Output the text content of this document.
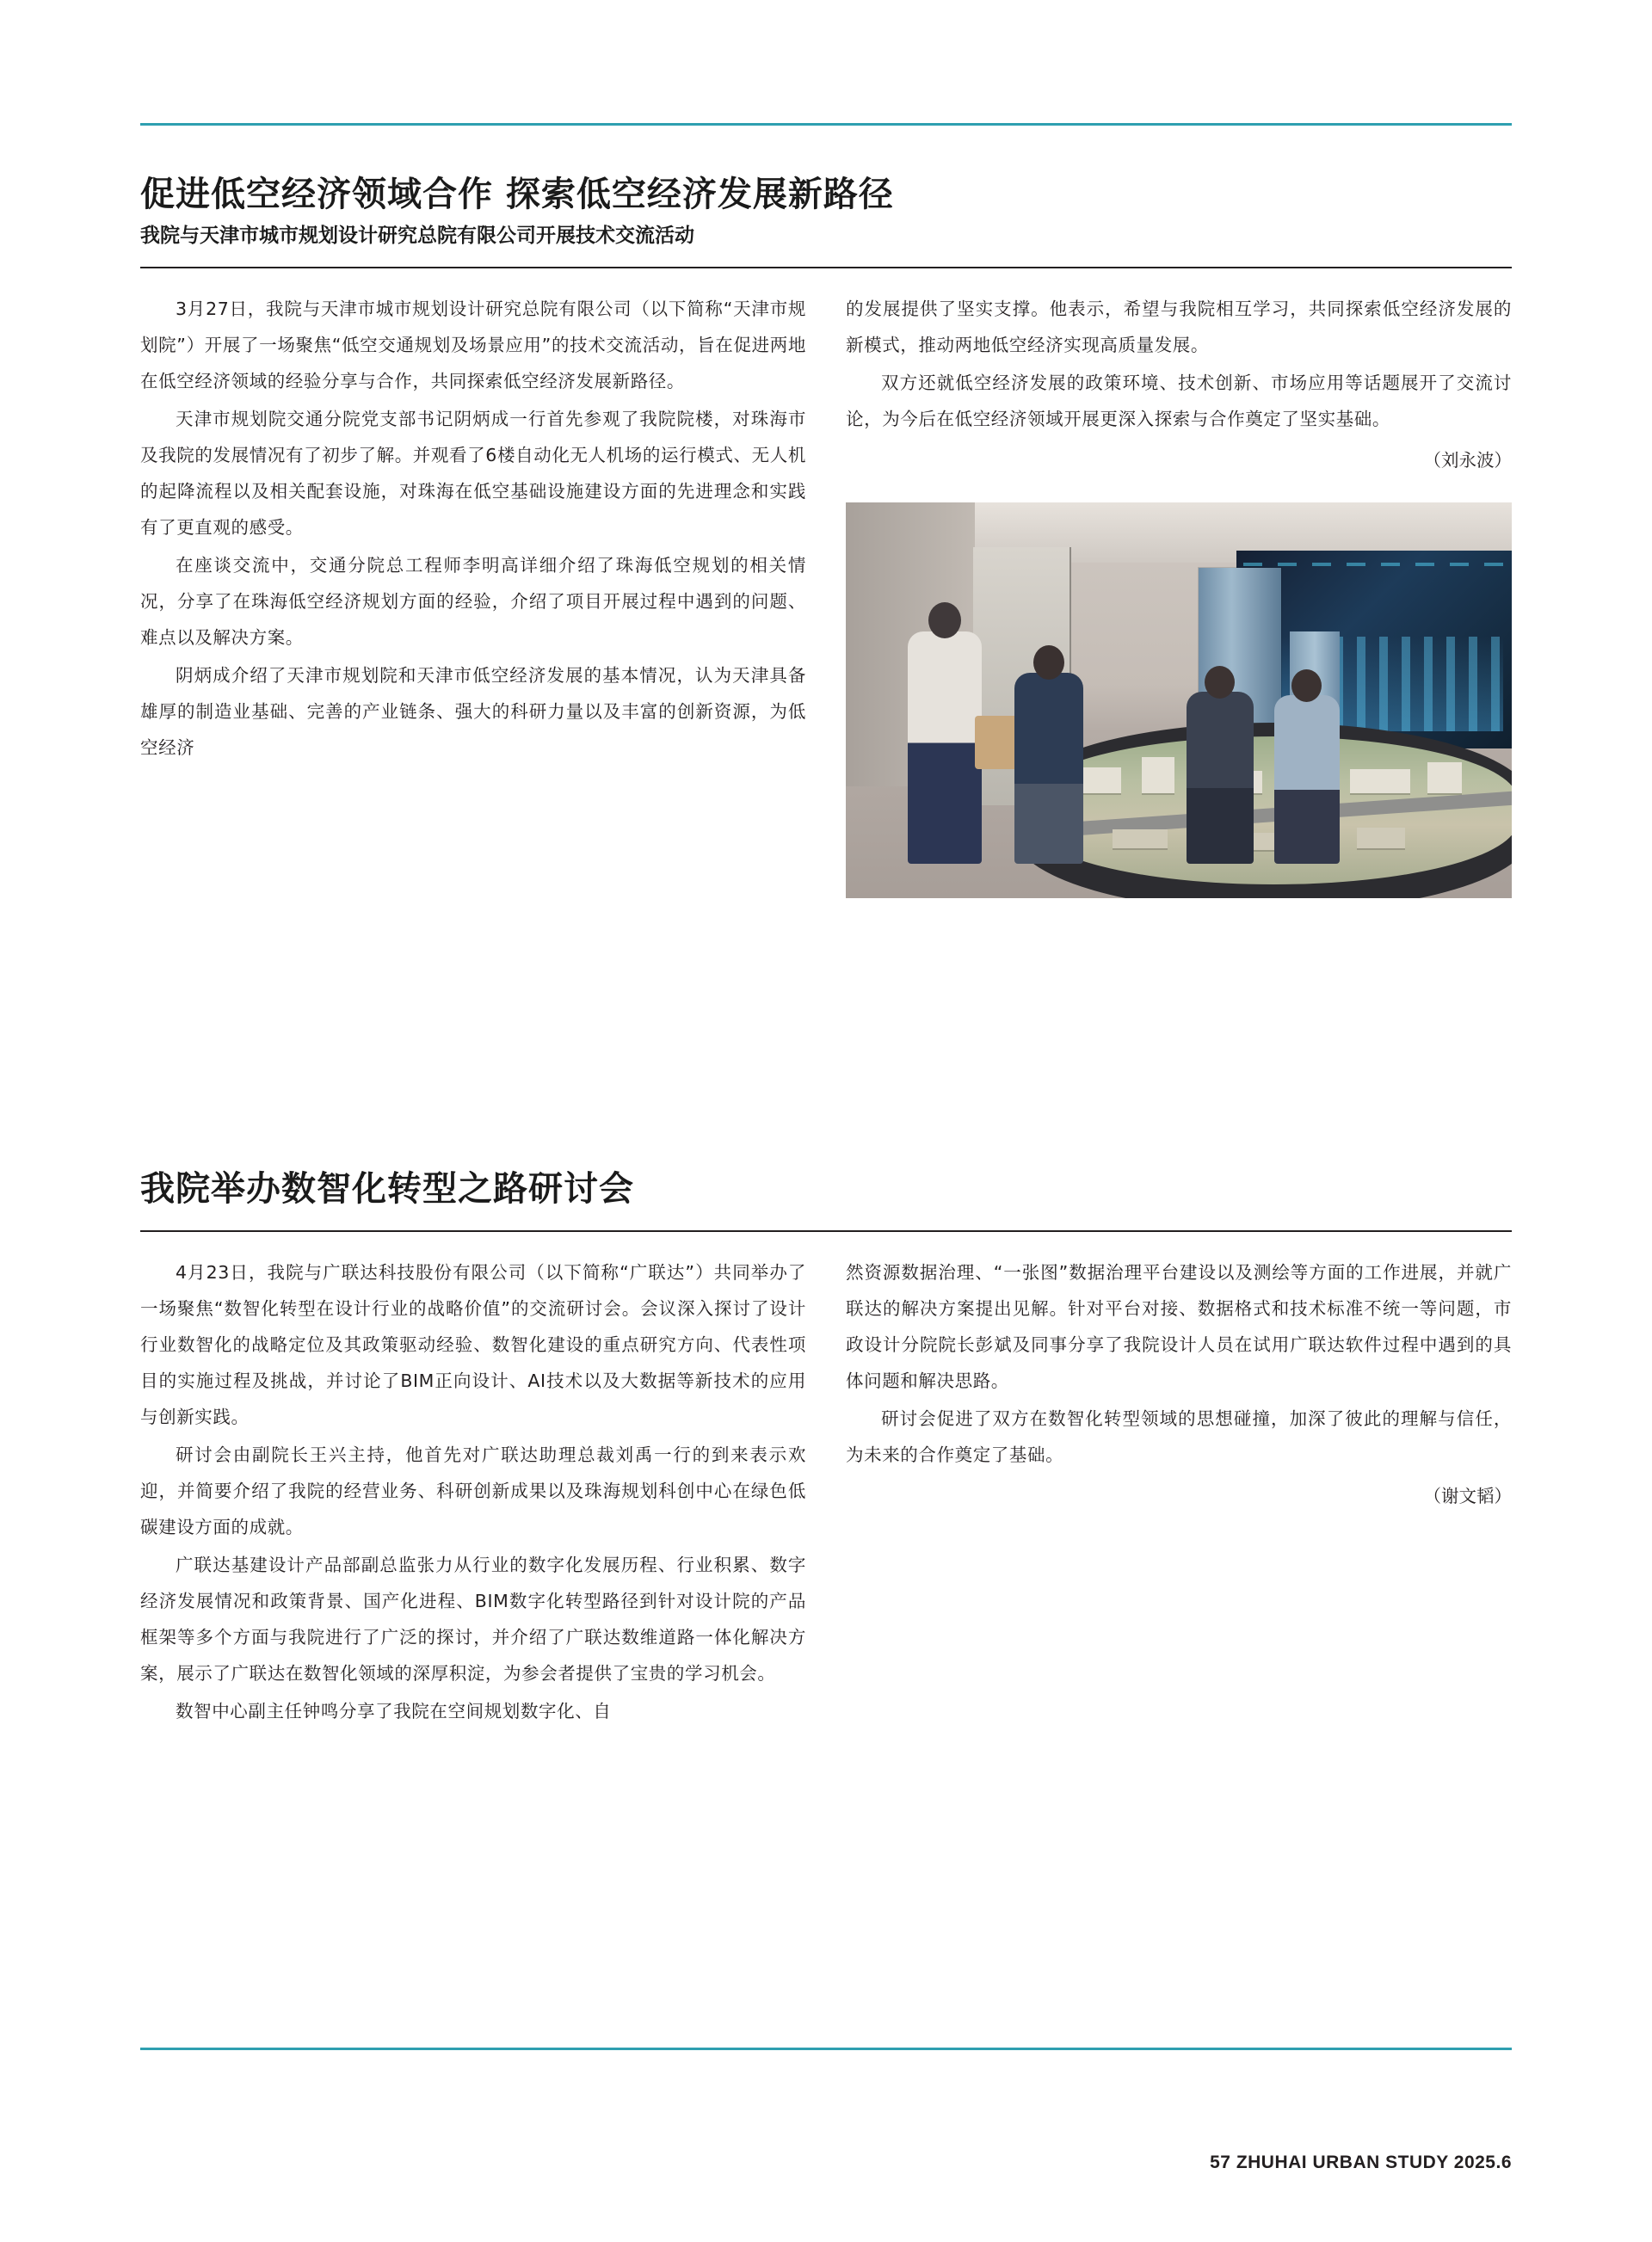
促进低空经济领域合作 探索低空经济发展新路径
我院与天津市城市规划设计研究总院有限公司开展技术交流活动

3月27日，我院与天津市城市规划设计研究总院有限公司（以下简称“天津市规划院”）开展了一场聚焦“低空交通规划及场景应用”的技术交流活动，旨在促进两地在低空经济领域的经验分享与合作，共同探索低空经济发展新路径。

天津市规划院交通分院党支部书记阴炳成一行首先参观了我院院楼，对珠海市及我院的发展情况有了初步了解。并观看了6楼自动化无人机场的运行模式、无人机的起降流程以及相关配套设施，对珠海在低空基础设施建设方面的先进理念和实践有了更直观的感受。

在座谈交流中，交通分院总工程师李明高详细介绍了珠海低空规划的相关情况，分享了在珠海低空经济规划方面的经验，介绍了项目开展过程中遇到的问题、难点以及解决方案。

阴炳成介绍了天津市规划院和天津市低空经济发展的基本情况，认为天津具备雄厚的制造业基础、完善的产业链条、强大的科研力量以及丰富的创新资源，为低空经济

的发展提供了坚实支撑。他表示，希望与我院相互学习，共同探索低空经济发展的新模式，推动两地低空经济实现高质量发展。

双方还就低空经济发展的政策环境、技术创新、市场应用等话题展开了交流讨论，为今后在低空经济领域开展更深入探索与合作奠定了坚实基础。

（刘永波）

我院举办数智化转型之路研讨会

4月23日，我院与广联达科技股份有限公司（以下简称“广联达”）共同举办了一场聚焦“数智化转型在设计行业的战略价值”的交流研讨会。会议深入探讨了设计行业数智化的战略定位及其政策驱动经验、数智化建设的重点研究方向、代表性项目的实施过程及挑战，并讨论了BIM正向设计、AI技术以及大数据等新技术的应用与创新实践。

研讨会由副院长王兴主持，他首先对广联达助理总裁刘禹一行的到来表示欢迎，并简要介绍了我院的经营业务、科研创新成果以及珠海规划科创中心在绿色低碳建设方面的成就。

广联达基建设计产品部副总监张力从行业的数字化发展历程、行业积累、数字经济发展情况和政策背景、国产化进程、BIM数字化转型路径到针对设计院的产品框架等多个方面与我院进行了广泛的探讨，并介绍了广联达数维道路一体化解决方案，展示了广联达在数智化领域的深厚积淀，为参会者提供了宝贵的学习机会。

数智中心副主任钟鸣分享了我院在空间规划数字化、自

然资源数据治理、“一张图”数据治理平台建设以及测绘等方面的工作进展，并就广联达的解决方案提出见解。针对平台对接、数据格式和技术标准不统一等问题，市政设计分院院长彭斌及同事分享了我院设计人员在试用广联达软件过程中遇到的具体问题和解决思路。

研讨会促进了双方在数智化转型领域的思想碰撞，加深了彼此的理解与信任，为未来的合作奠定了基础。

（谢文韬）

57 ZHUHAI URBAN STUDY 2025.6
